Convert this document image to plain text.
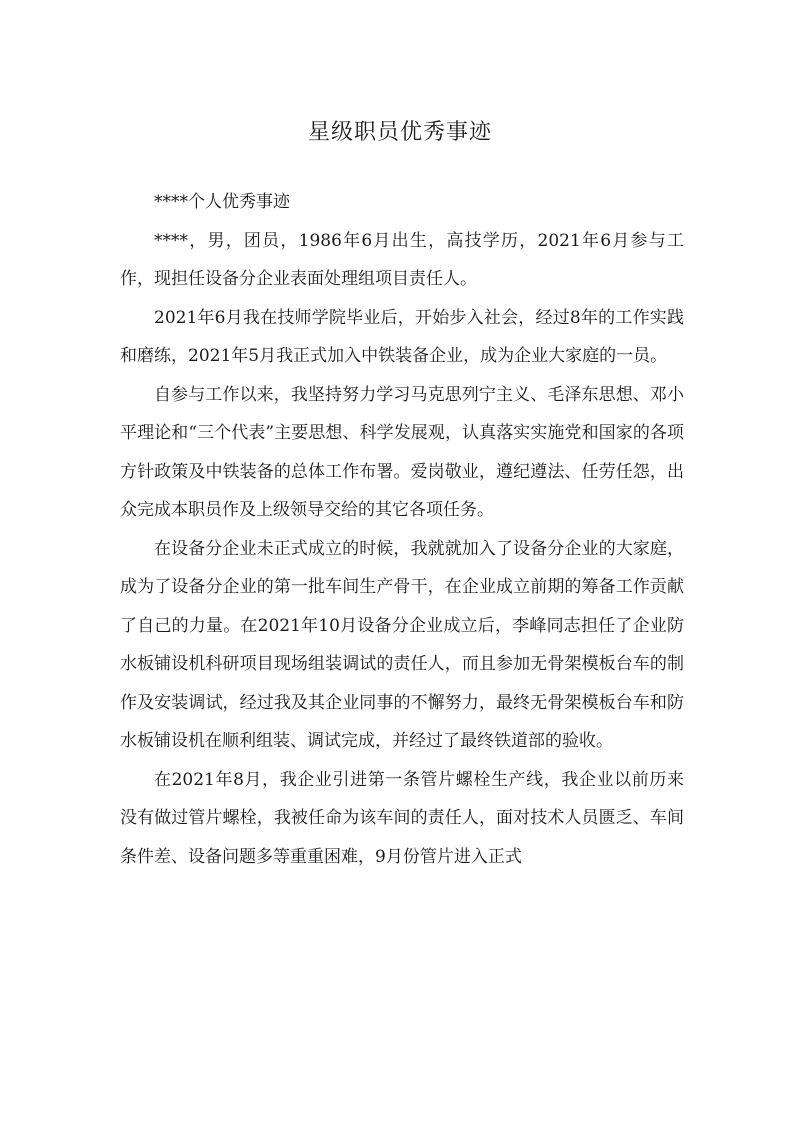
星级职员优秀事迹

****个人优秀事迹

****，男，团员，1986年6月出生，高技学历，2021年6月参与工作，现担任设备分企业表面处理组项目责任人。

2021年6月我在技师学院毕业后，开始步入社会，经过8年的工作实践和磨练，2021年5月我正式加入中铁装备企业，成为企业大家庭的一员。

自参与工作以来，我坚持努力学习马克思列宁主义、毛泽东思想、邓小平理论和“三个代表”主要思想、科学发展观，认真落实实施党和国家的各项方针政策及中铁装备的总体工作布署。爱岗敬业，遵纪遵法、任劳任怨，出众完成本职员作及上级领导交给的其它各项任务。

在设备分企业未正式成立的时候，我就就加入了设备分企业的大家庭，成为了设备分企业的第一批车间生产骨干，在企业成立前期的筹备工作贡献了自己的力量。在2021年10月设备分企业成立后，李峰同志担任了企业防水板铺设机科研项目现场组装调试的责任人，而且参加无骨架模板台车的制作及安装调试，经过我及其企业同事的不懈努力，最终无骨架模板台车和防水板铺设机在顺利组装、调试完成，并经过了最终铁道部的验收。

在2021年8月，我企业引进第一条管片螺栓生产线，我企业以前历来没有做过管片螺栓，我被任命为该车间的责任人，面对技术人员匮乏、车间条件差、设备问题多等重重困难，9月份管片进入正式
